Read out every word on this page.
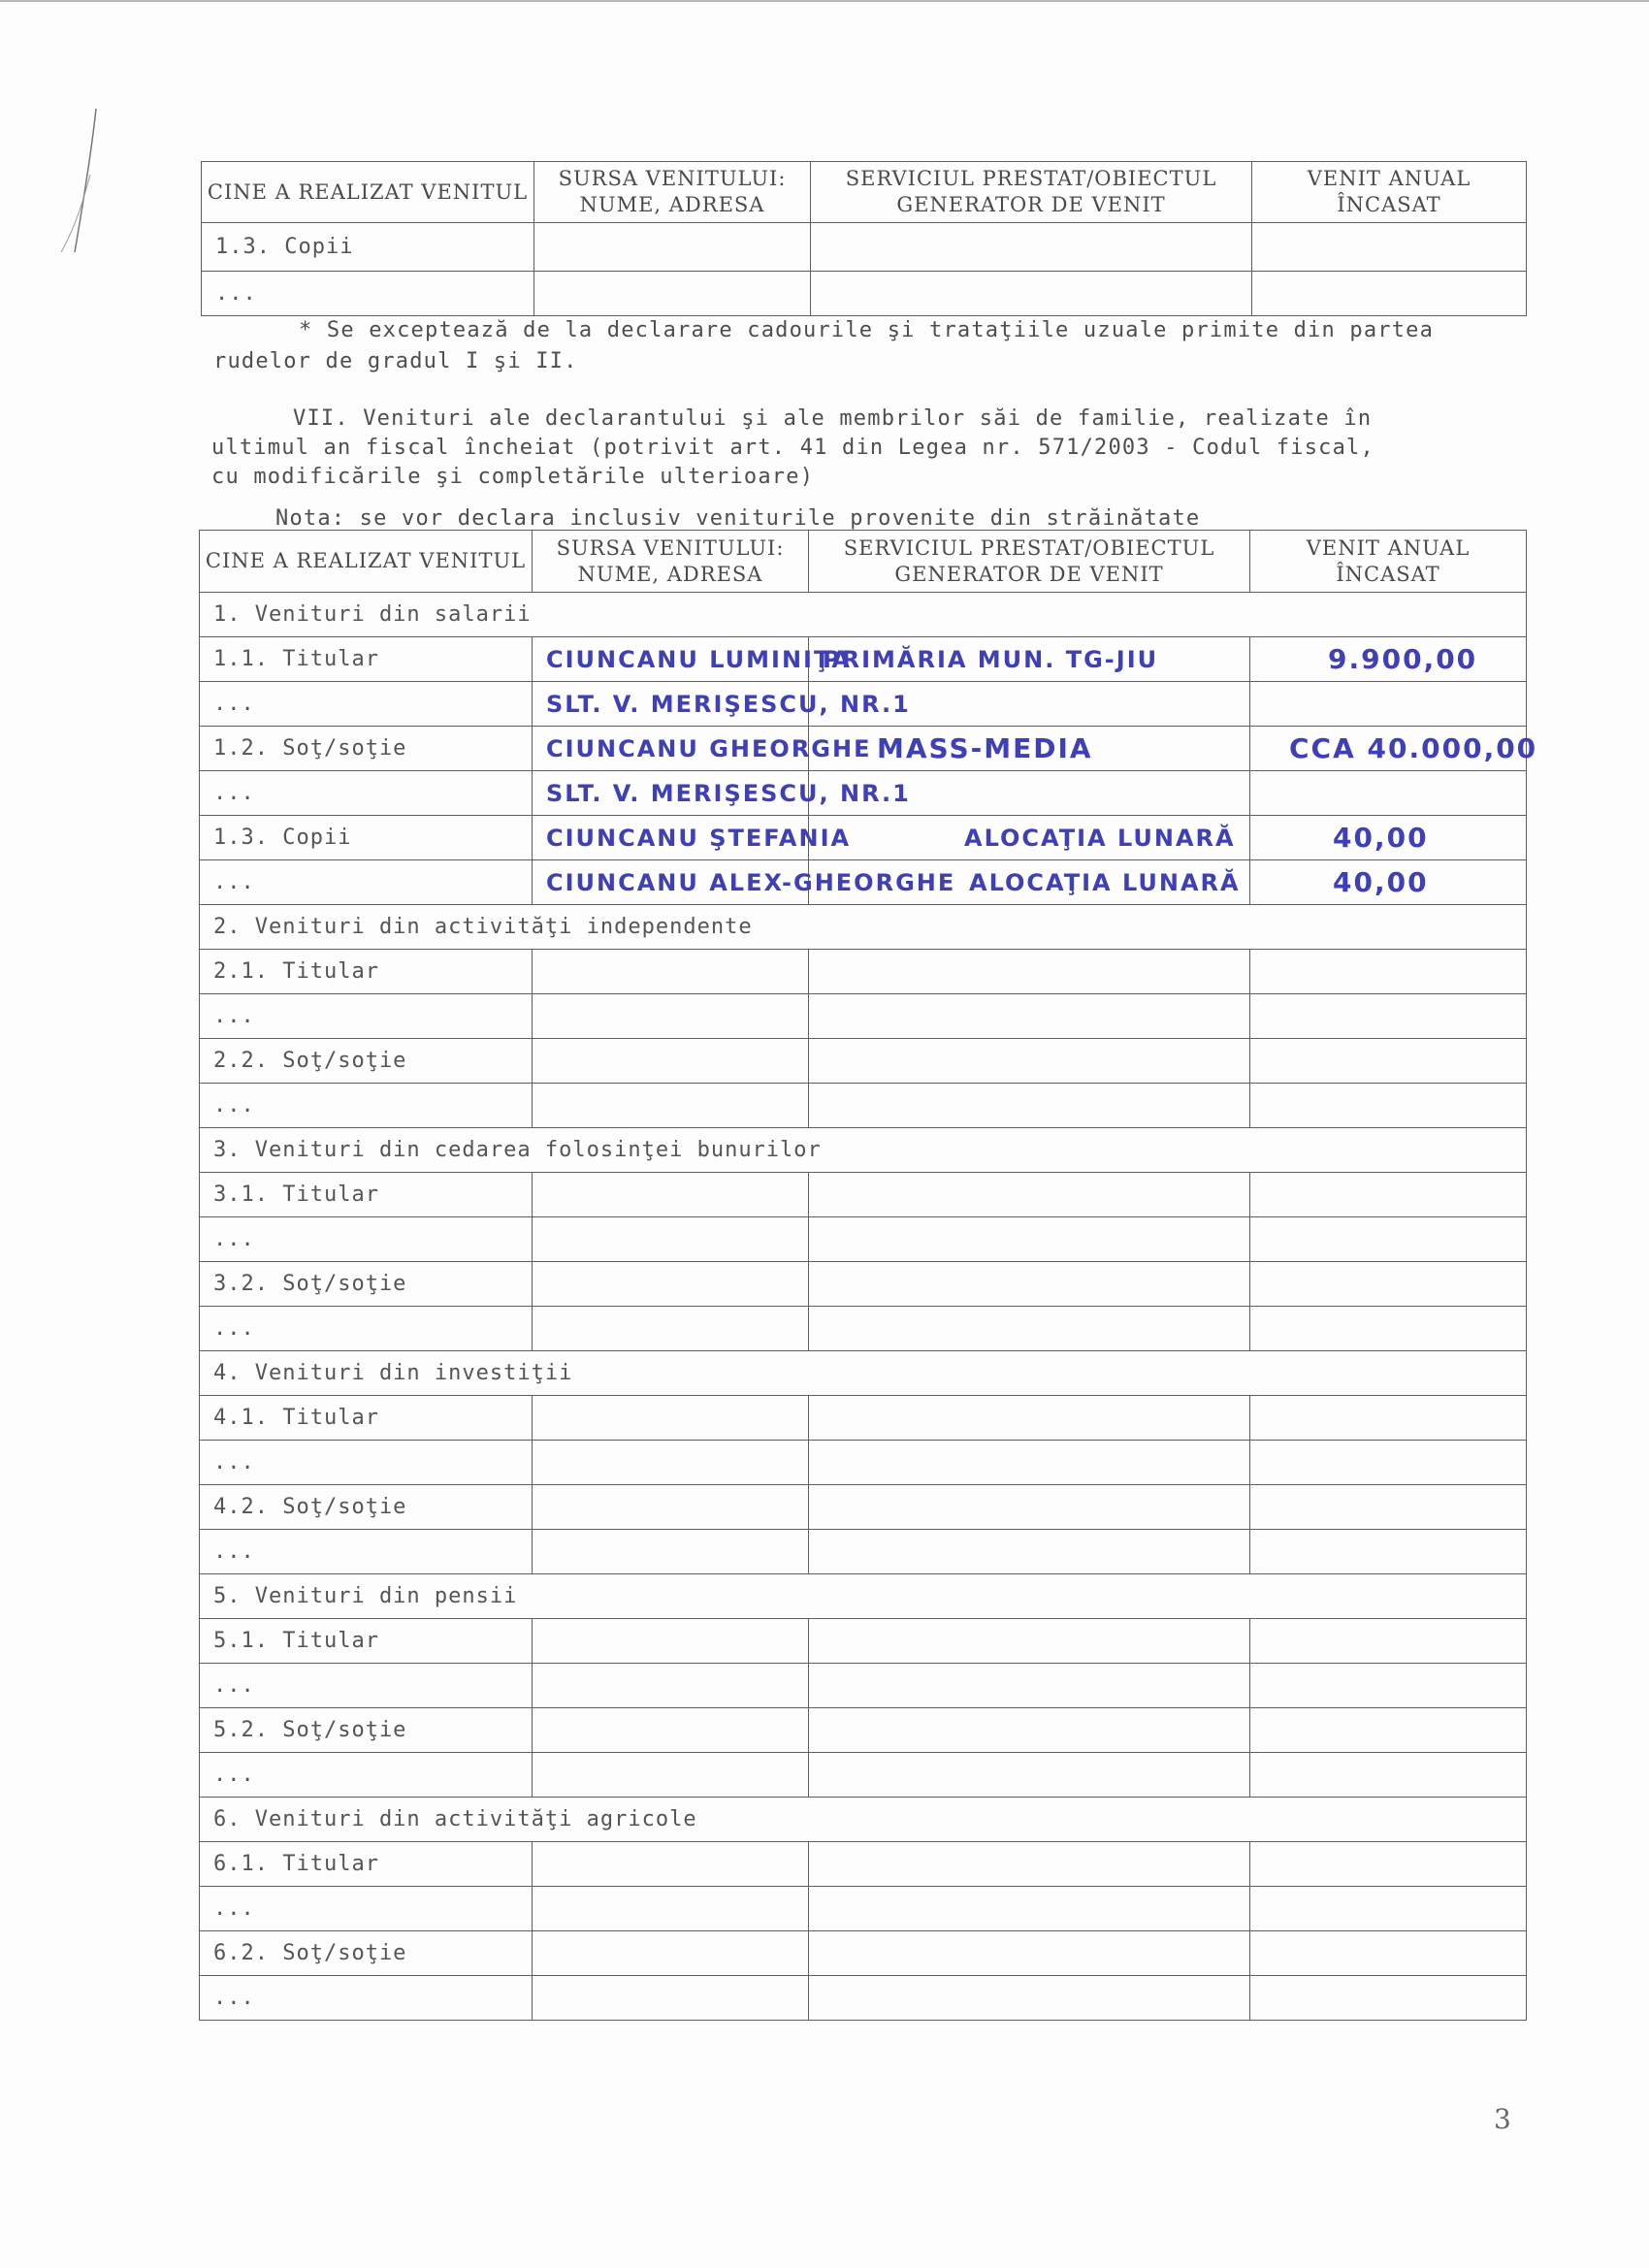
CINE A REALIZAT VENITUL	SURSA VENITULUI: NUME, ADRESA	SERVICIUL PRESTAT/OBIECTUL GENERATOR DE VENIT	VENIT ANUAL ÎNCASAT
1.3. Copii			
...			
* Se exceptează de la declarare cadourile şi trataţiile uzuale primite din partea
rudelor de gradul I şi II.
VII. Venituri ale declarantului şi ale membrilor săi de familie, realizate în
ultimul an fiscal încheiat (potrivit art. 41 din Legea nr. 571/2003 - Codul fiscal,
cu modificările şi completările ulterioare)
Nota: se vor declara inclusiv veniturile provenite din străinătate
CINE A REALIZAT VENITUL	SURSA VENITULUI: NUME, ADRESA	SERVICIUL PRESTAT/OBIECTUL GENERATOR DE VENIT	VENIT ANUAL ÎNCASAT
1. Venituri din salarii			
1.1. Titular	CIUNCANU LUMINIŢA	PRIMĂRIA MUN. TG-JIU	9.900,00
...	SLT. V. MERIŞESCU, NR.1		
1.2. Soţ/soţie	CIUNCANU GHEORGHE	MASS-MEDIA	CCA 40.000,00
...	SLT. V. MERIŞESCU, NR.1		
1.3. Copii	CIUNCANU ŞTEFANIA	ALOCAŢIA LUNARĂ	40,00
...	CIUNCANU ALEX-GHEORGHE	ALOCAŢIA LUNARĂ	40,00
2. Venituri din activităţi independente			
2.1. Titular			
...			
2.2. Soţ/soţie			
...			
3. Venituri din cedarea folosinţei bunurilor			
3.1. Titular			
...			
3.2. Soţ/soţie			
...			
4. Venituri din investiţii			
4.1. Titular			
...			
4.2. Soţ/soţie			
...			
5. Venituri din pensii			
5.1. Titular			
...			
5.2. Soţ/soţie			
...			
6. Venituri din activităţi agricole			
6.1. Titular			
...			
6.2. Soţ/soţie			
...			
3
